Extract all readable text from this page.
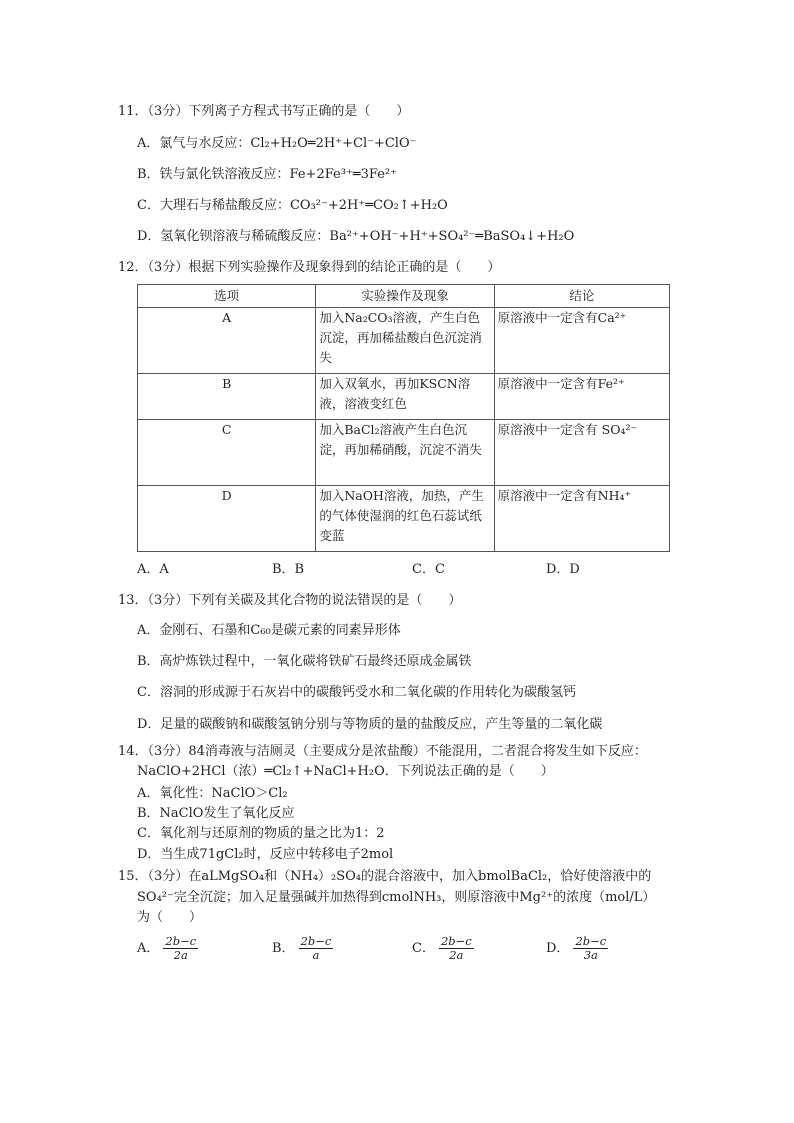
11．（3分）下列离子方程式书写正确的是（　　）
A．氯气与水反应：Cl₂+H₂O═2H⁺+Cl⁻+ClO⁻
B．铁与氯化铁溶液反应：Fe+2Fe³⁺═3Fe²⁺
C．大理石与稀盐酸反应：CO₃²⁻+2H⁺═CO₂↑+H₂O
D．氢氧化钡溶液与稀硫酸反应：Ba²⁺+OH⁻+H⁺+SO₄²⁻═BaSO₄↓+H₂O
12．（3分）根据下列实验操作及现象得到的结论正确的是（　　）
选项	实验操作及现象	结论
A	加入Na₂CO₃溶液，产生白色沉淀，再加稀盐酸白色沉淀消失	原溶液中一定含有Ca²⁺
B	加入双氧水，再加KSCN溶液，溶液变红色	原溶液中一定含有Fe²⁺
C	加入BaCl₂溶液产生白色沉淀，再加稀硝酸，沉淀不消失	原溶液中一定含有 SO₄²⁻
D	加入NaOH溶液，加热，产生的气体使湿润的红色石蕊试纸变蓝	原溶液中一定含有NH₄⁺
A．A	B．B	C．C	D．D
13．（3分）下列有关碳及其化合物的说法错误的是（　　）
A．金刚石、石墨和C₆₀是碳元素的同素异形体
B．高炉炼铁过程中，一氧化碳将铁矿石最终还原成金属铁
C．溶洞的形成源于石灰岩中的碳酸钙受水和二氧化碳的作用转化为碳酸氢钙
D．足量的碳酸钠和碳酸氢钠分别与等物质的量的盐酸反应，产生等量的二氧化碳
14．（3分）84消毒液与洁厕灵（主要成分是浓盐酸）不能混用，二者混合将发生如下反应：
NaClO+2HCl（浓）═Cl₂↑+NaCl+H₂O．下列说法正确的是（　　）
A．氧化性：NaClO＞Cl₂
B．NaClO发生了氧化反应
C．氧化剂与还原剂的物质的量之比为1：2
D．当生成71gCl₂时，反应中转移电子2mol
15．（3分）在aLMgSO₄和（NH₄）₂SO₄的混合溶液中，加入bmolBaCl₂，恰好使溶液中的
SO₄²⁻完全沉淀；加入足量强碱并加热得到cmolNH₃，则原溶液中Mg²⁺的浓度（mol/L）
为（　　）
A． $\frac{2b-c}{2a}$	B． $\frac{2b-c}{a}$	C． $\frac{2b-c}{2a}$	D． $\frac{2b-c}{3a}$
